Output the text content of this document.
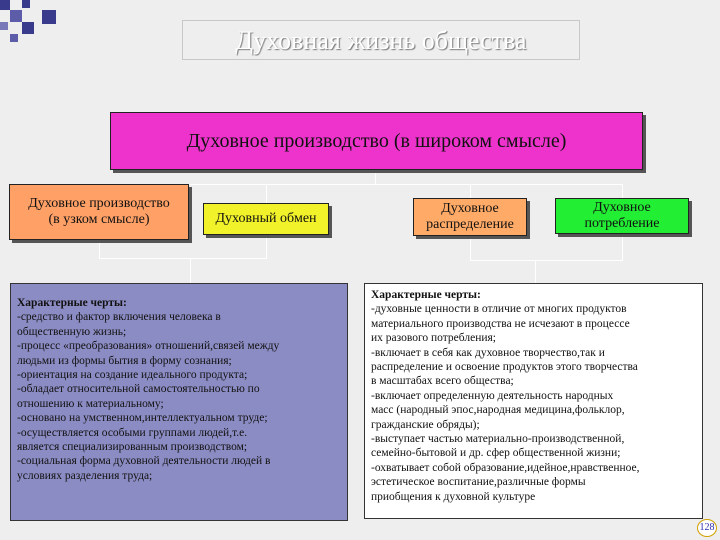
Духовная жизнь общества
Духовное производство (в широком смысле)
Духовное производство
(в узком смысле)	Духовный обмен
Духовное
распределение
Духовное
потребление
Характерные черты:
-средство и фактор включения человека в
общественную жизнь;
-процесс «преобразования» отношений,связей между
людьми из формы бытия в форму сознания;
-ориентация на создание идеального продукта;
-обладает относительной самостоятельностью по
отношению к материальному;
-основано на умственном,интеллектуальном труде;
-осуществляется особыми группами людей,т.е.
является специализированным производством;
-социальная форма духовной деятельности людей в
условиях разделения труда;
Характерные черты:
-духовные ценности в отличие от многих продуктов
материального производства не исчезают в процессе
их разового потребления;
-включает в себя как духовное творчество,так и
распределение и освоение продуктов этого творчества
в масштабах всего общества;
-включает определенную деятельность народных
масс (народный эпос,народная медицина,фольклор,
гражданские обряды);
-выступает частью материально-производственной,
семейно-бытовой и др. сфер общественной жизни;
-охватывает собой образование,идейное,нравственное,
эстетическое воспитание,различные формы
приобщения к духовной культуре
128
